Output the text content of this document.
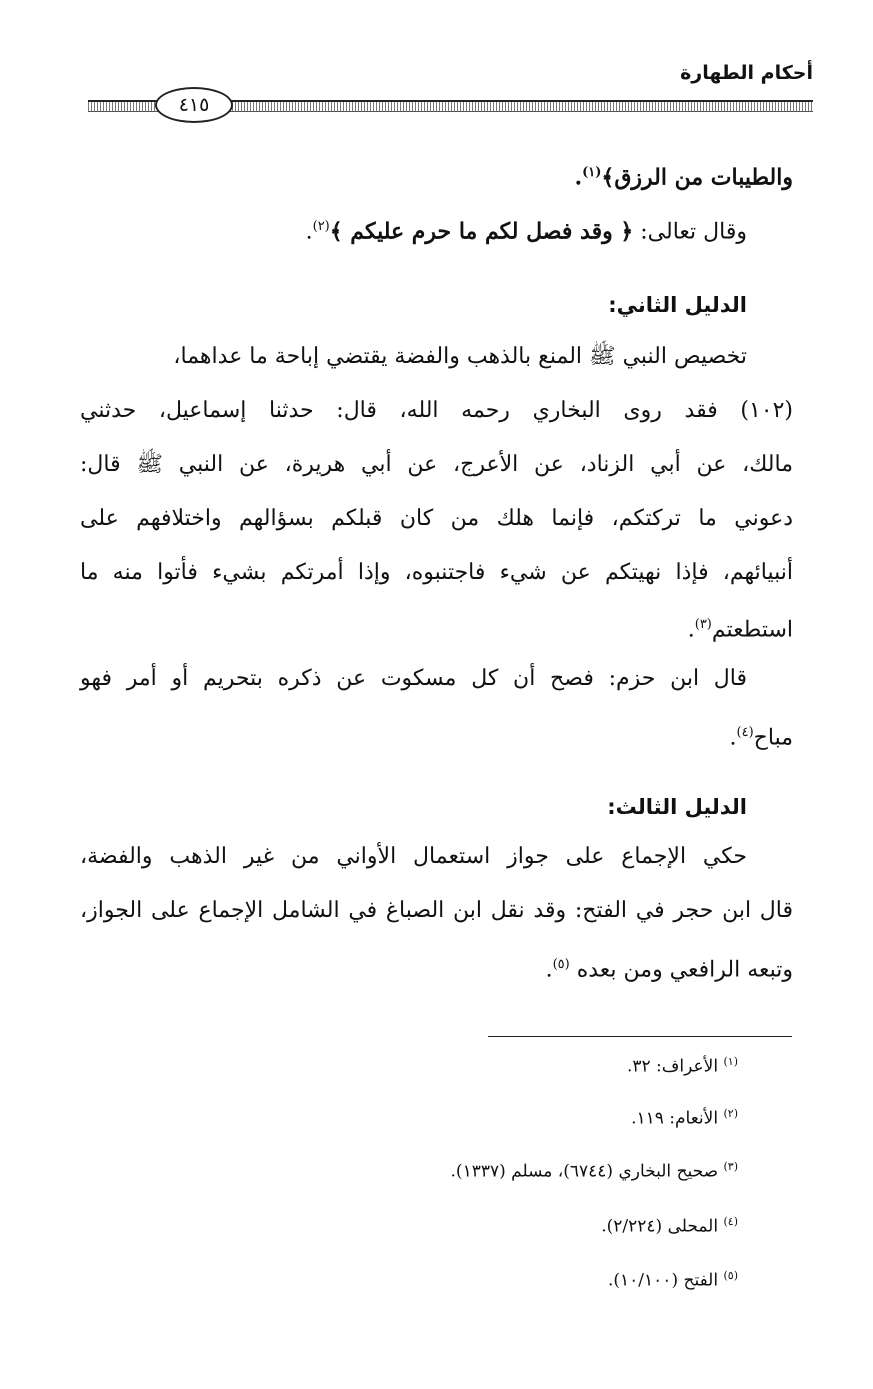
أحكام الطهارة
٤١٥
والطيبات من الرزق﴾$^{(١)}$.
وقال تعالى: ﴿ وقد فصل لكم ما حرم عليكم ﴾$^{(٢)}$.
الدليل الثاني:
تخصيص النبي ﷺ المنع بالذهب والفضة يقتضي إباحة ما عداهما،
(١٠٢) فقد روى البخاري رحمه الله، قال: حدثنا إسماعيل، حدثني
مالك، عن أبي الزناد، عن الأعرج، عن أبي هريرة، عن النبي ﷺ قال:
دعوني ما تركتكم، فإنما هلك من كان قبلكم بسؤالهم واختلافهم على
أنبيائهم، فإذا نهيتكم عن شيء فاجتنبوه، وإذا أمرتكم بشيء فأتوا منه ما
استطعتم$^{(٣)}$.
قال ابن حزم: فصح أن كل مسكوت عن ذكره بتحريم أو أمر فهو
مباح$^{(٤)}$.
الدليل الثالث:
حكي الإجماع على جواز استعمال الأواني من غير الذهب والفضة،
قال ابن حجر في الفتح: وقد نقل ابن الصباغ في الشامل الإجماع على الجواز،
وتبعه الرافعي ومن بعده $^{(٥)}$.
$^{(١)}$ الأعراف: ٣٢.
$^{(٢)}$ الأنعام: ١١٩.
$^{(٣)}$ صحيح البخاري (٦٧٤٤)، مسلم (١٣٣٧).
$^{(٤)}$ المحلى (٢/٢٢٤).
$^{(٥)}$ الفتح (١٠/١٠٠).
